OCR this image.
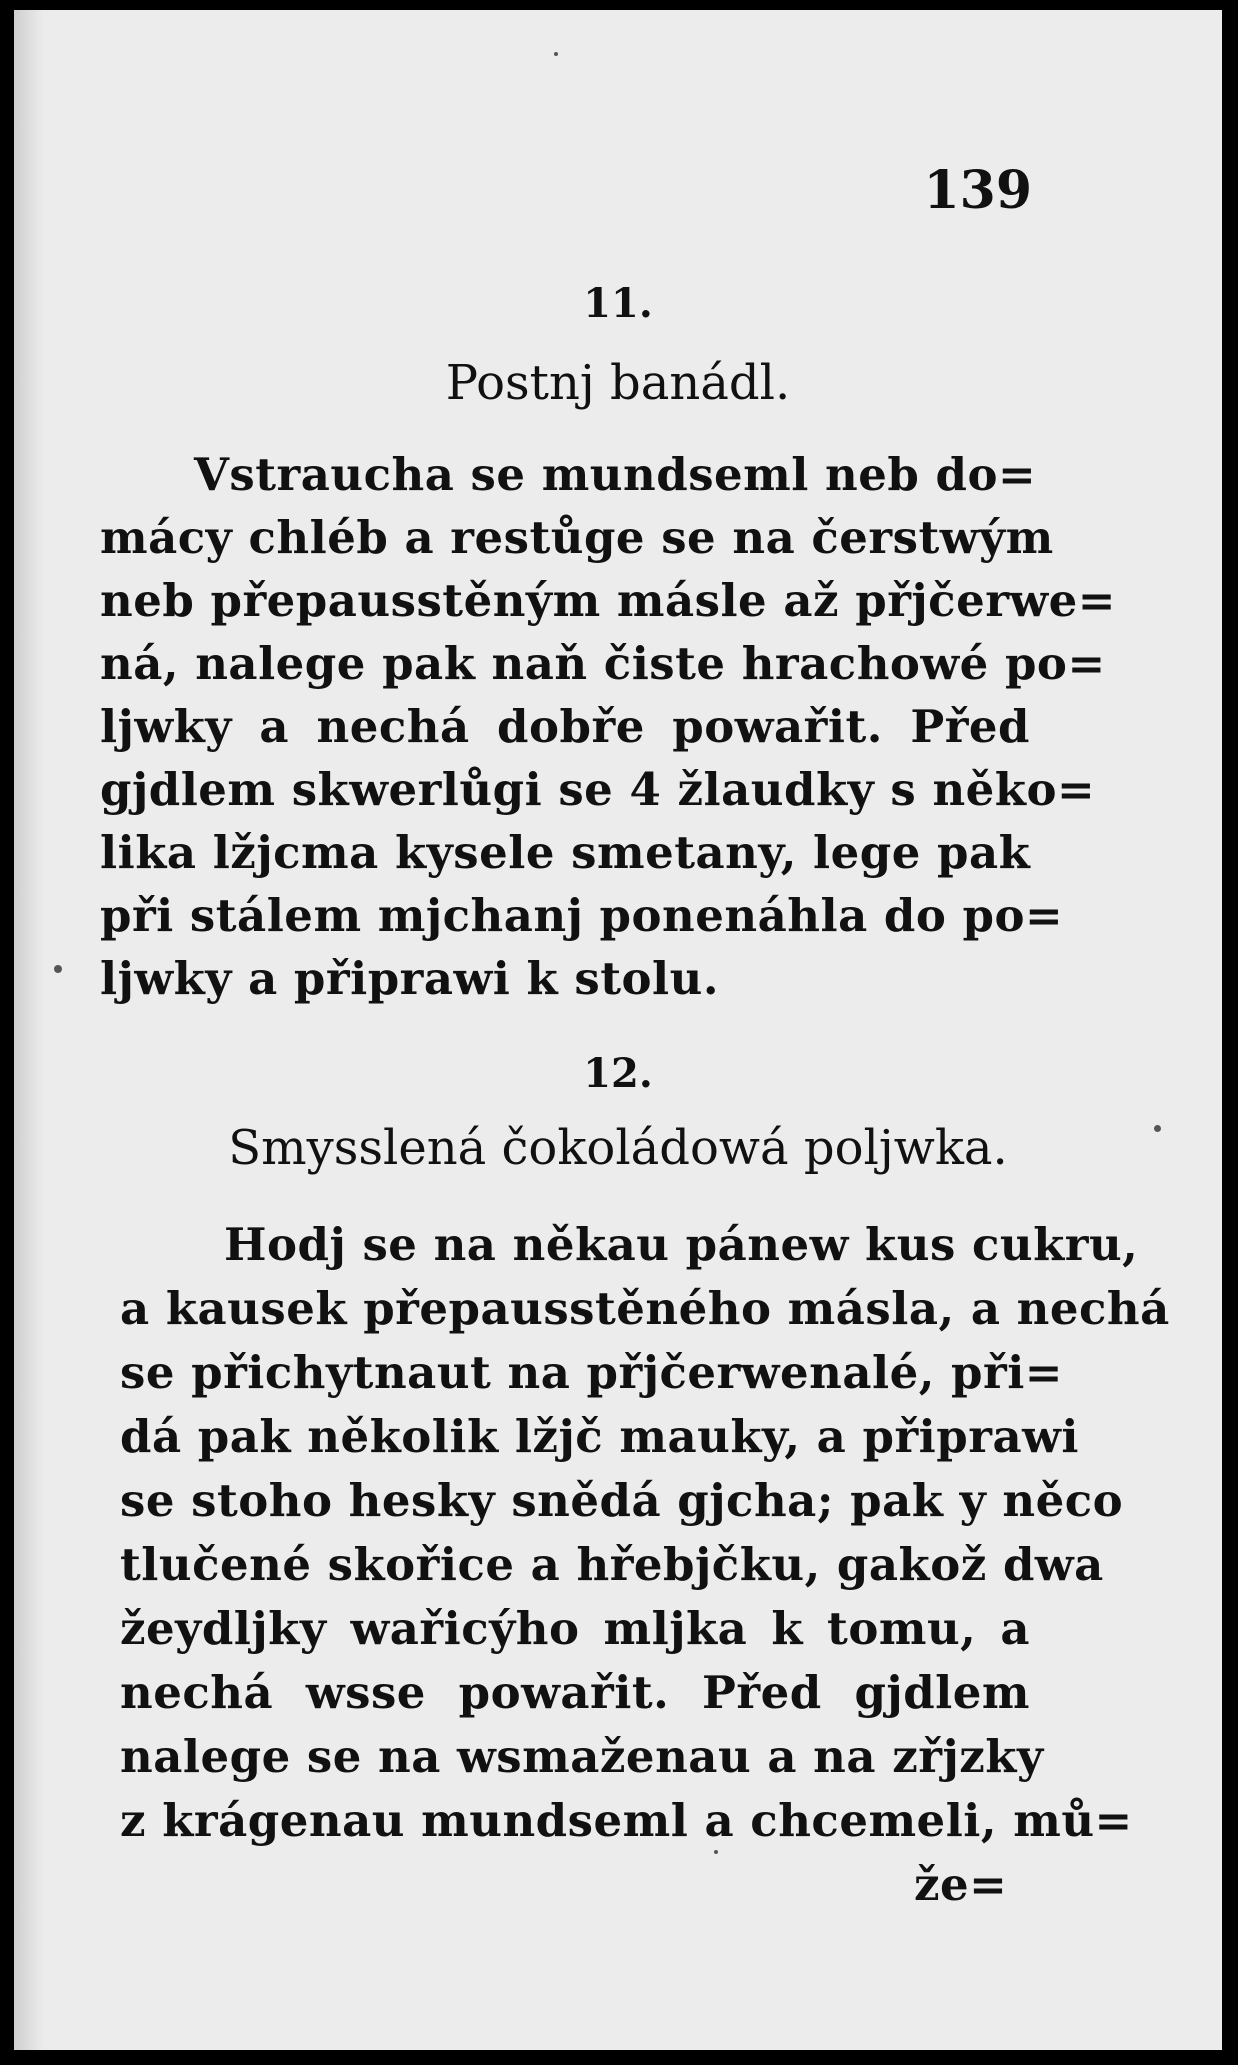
139
11.
Postnj banádl.
Vstraucha se mundseml neb do=
mácy chléb a restůge se na čerstwým
neb přepausstěným másle až přjčerwe=
ná, nalege pak naň čiste hrachowé po=
ljwky a nechá dobře powařit. Před
gjdlem skwerlůgi se 4 žlaudky s něko=
lika lžjcma kysele smetany, lege pak
při stálem mjchanj ponenáhla do po=
ljwky a připrawi k stolu.
12.
Smysslená čokoládowá poljwka.
Hodj se na někau pánew kus cukru,
a kausek přepausstěného másla, a nechá
se přichytnaut na přjčerwenalé, při=
dá pak několik lžjč mauky, a připrawi
se stoho hesky snědá gjcha; pak y něco
tlučené skořice a hřebjčku, gakož dwa
žeydljky wařicýho mljka k tomu, a
nechá wsse powařit. Před gjdlem
nalege se na wsmaženau a na zřjzky
z krágenau mundseml a chcemeli, mů=
že=
